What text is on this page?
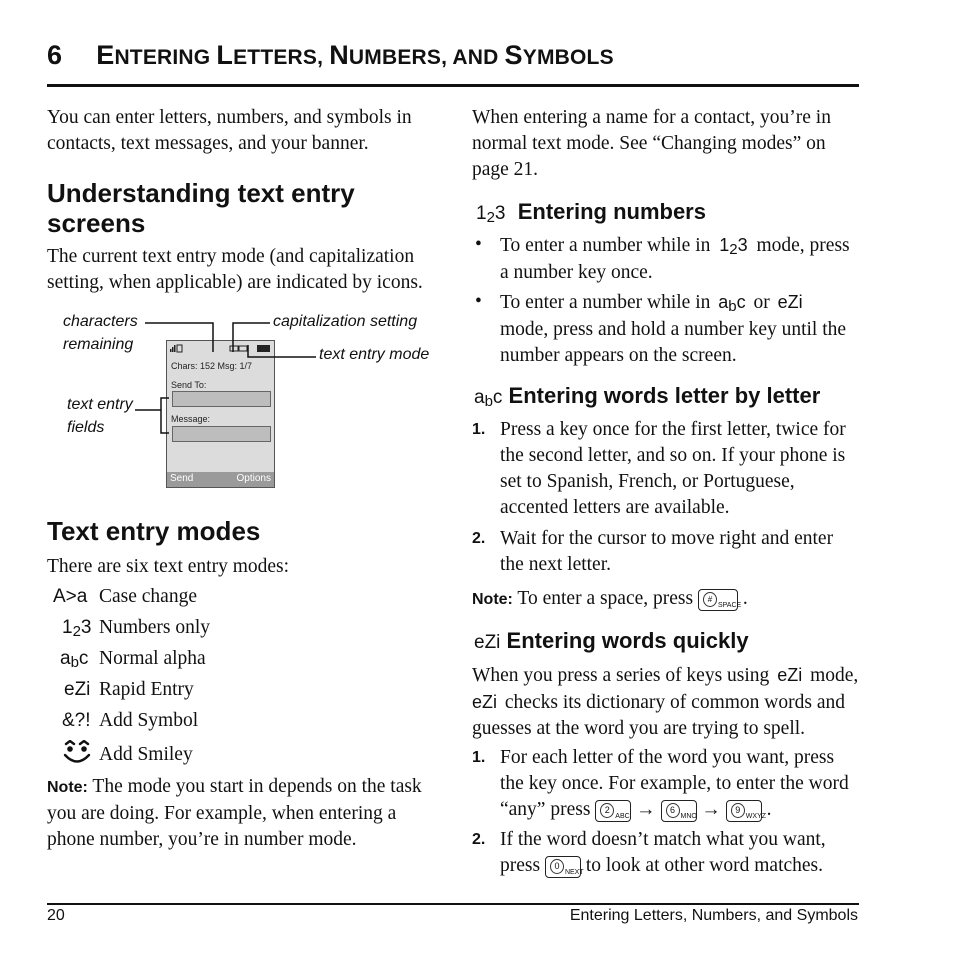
6 ENTERING LETTERS, NUMBERS, AND SYMBOLS
You can enter letters, numbers, and symbols in contacts, text messages, and your banner.
Understanding text entry screens
The current text entry mode (and capitalization setting, when applicable) are indicated by icons.
characters
remaining
capitalization setting
text entry mode
text entry
fields
Chars: 152 Msg: 1/7
Send To:
Message:
Send	Options
Text entry modes
There are six text entry modes:
A>a Case change
123 Numbers only
abc Normal alpha
eZi Rapid Entry
&?! Add Symbol
Add Smiley
Note: The mode you start in depends on the task you are doing. For example, when entering a phone number, you’re in number mode.
When entering a name for a contact, you’re in normal text mode. See “Changing modes” on page 21.
123 Entering numbers
• To enter a number while in 123 mode, press a number key once.
• To enter a number while in abc or eZi
mode, press and hold a number key until the number appears on the screen.
abc Entering words letter by letter
1. Press a key once for the first letter, twice for the second letter, and so on. If your phone is set to Spanish, French, or Portuguese, accented letters are available.
2. Wait for the cursor to move right and enter the next letter.
Note: To enter a space, press	#
SPACE
.
eZi Entering words quickly
When you press a series of keys using eZi mode,
eZi checks its dictionary of common words and guesses at the word you are trying to spell.
1. For each letter of the word you want, press the key once. For example, to enter the word “any” press	2
ABC →	6
MNO →	9
WXYZ
.
2. If the word doesn’t match what you want, press	0
NEXT to look at other word matches.
20	Entering Letters, Numbers, and Symbols
